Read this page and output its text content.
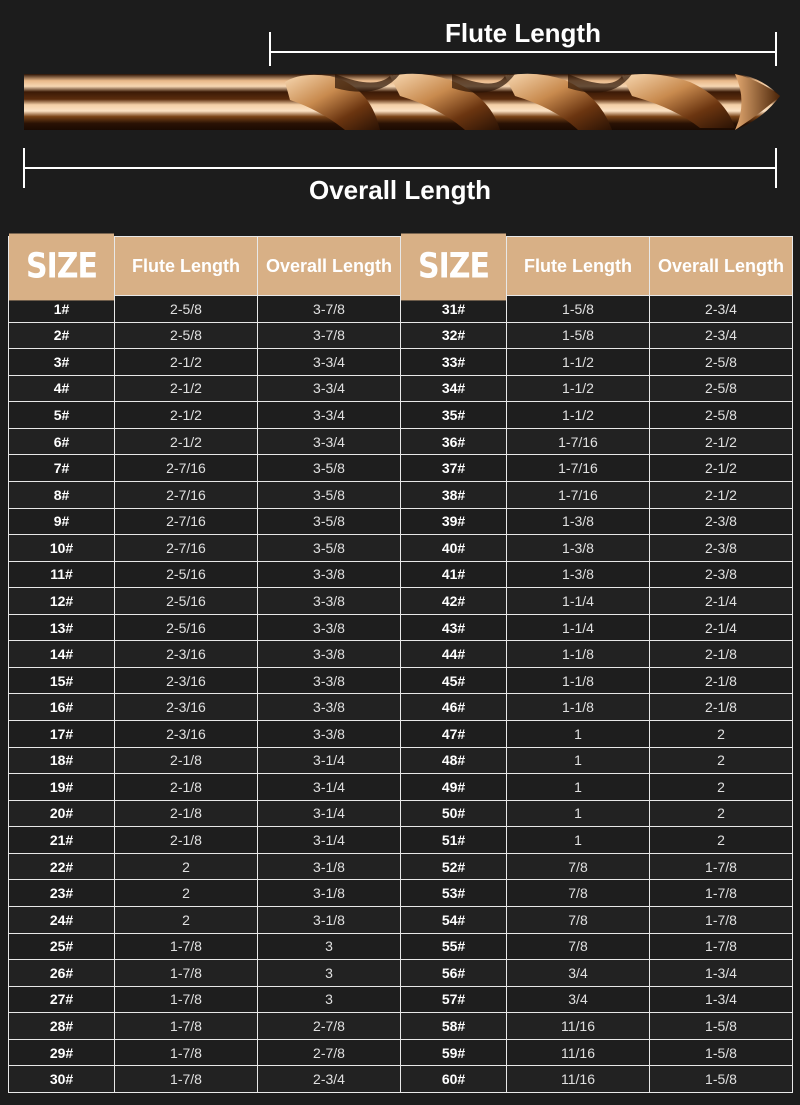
Flute Length
Overall Length
SIZE	Flute Length	Overall Length	SIZE	Flute Length	Overall Length
1#	2-5/8	3-7/8	31#	1-5/8	2-3/4
2#	2-5/8	3-7/8	32#	1-5/8	2-3/4
3#	2-1/2	3-3/4	33#	1-1/2	2-5/8
4#	2-1/2	3-3/4	34#	1-1/2	2-5/8
5#	2-1/2	3-3/4	35#	1-1/2	2-5/8
6#	2-1/2	3-3/4	36#	1-7/16	2-1/2
7#	2-7/16	3-5/8	37#	1-7/16	2-1/2
8#	2-7/16	3-5/8	38#	1-7/16	2-1/2
9#	2-7/16	3-5/8	39#	1-3/8	2-3/8
10#	2-7/16	3-5/8	40#	1-3/8	2-3/8
11#	2-5/16	3-3/8	41#	1-3/8	2-3/8
12#	2-5/16	3-3/8	42#	1-1/4	2-1/4
13#	2-5/16	3-3/8	43#	1-1/4	2-1/4
14#	2-3/16	3-3/8	44#	1-1/8	2-1/8
15#	2-3/16	3-3/8	45#	1-1/8	2-1/8
16#	2-3/16	3-3/8	46#	1-1/8	2-1/8
17#	2-3/16	3-3/8	47#	1	2
18#	2-1/8	3-1/4	48#	1	2
19#	2-1/8	3-1/4	49#	1	2
20#	2-1/8	3-1/4	50#	1	2
21#	2-1/8	3-1/4	51#	1	2
22#	2	3-1/8	52#	7/8	1-7/8
23#	2	3-1/8	53#	7/8	1-7/8
24#	2	3-1/8	54#	7/8	1-7/8
25#	1-7/8	3	55#	7/8	1-7/8
26#	1-7/8	3	56#	3/4	1-3/4
27#	1-7/8	3	57#	3/4	1-3/4
28#	1-7/8	2-7/8	58#	11/16	1-5/8
29#	1-7/8	2-7/8	59#	11/16	1-5/8
30#	1-7/8	2-3/4	60#	11/16	1-5/8
